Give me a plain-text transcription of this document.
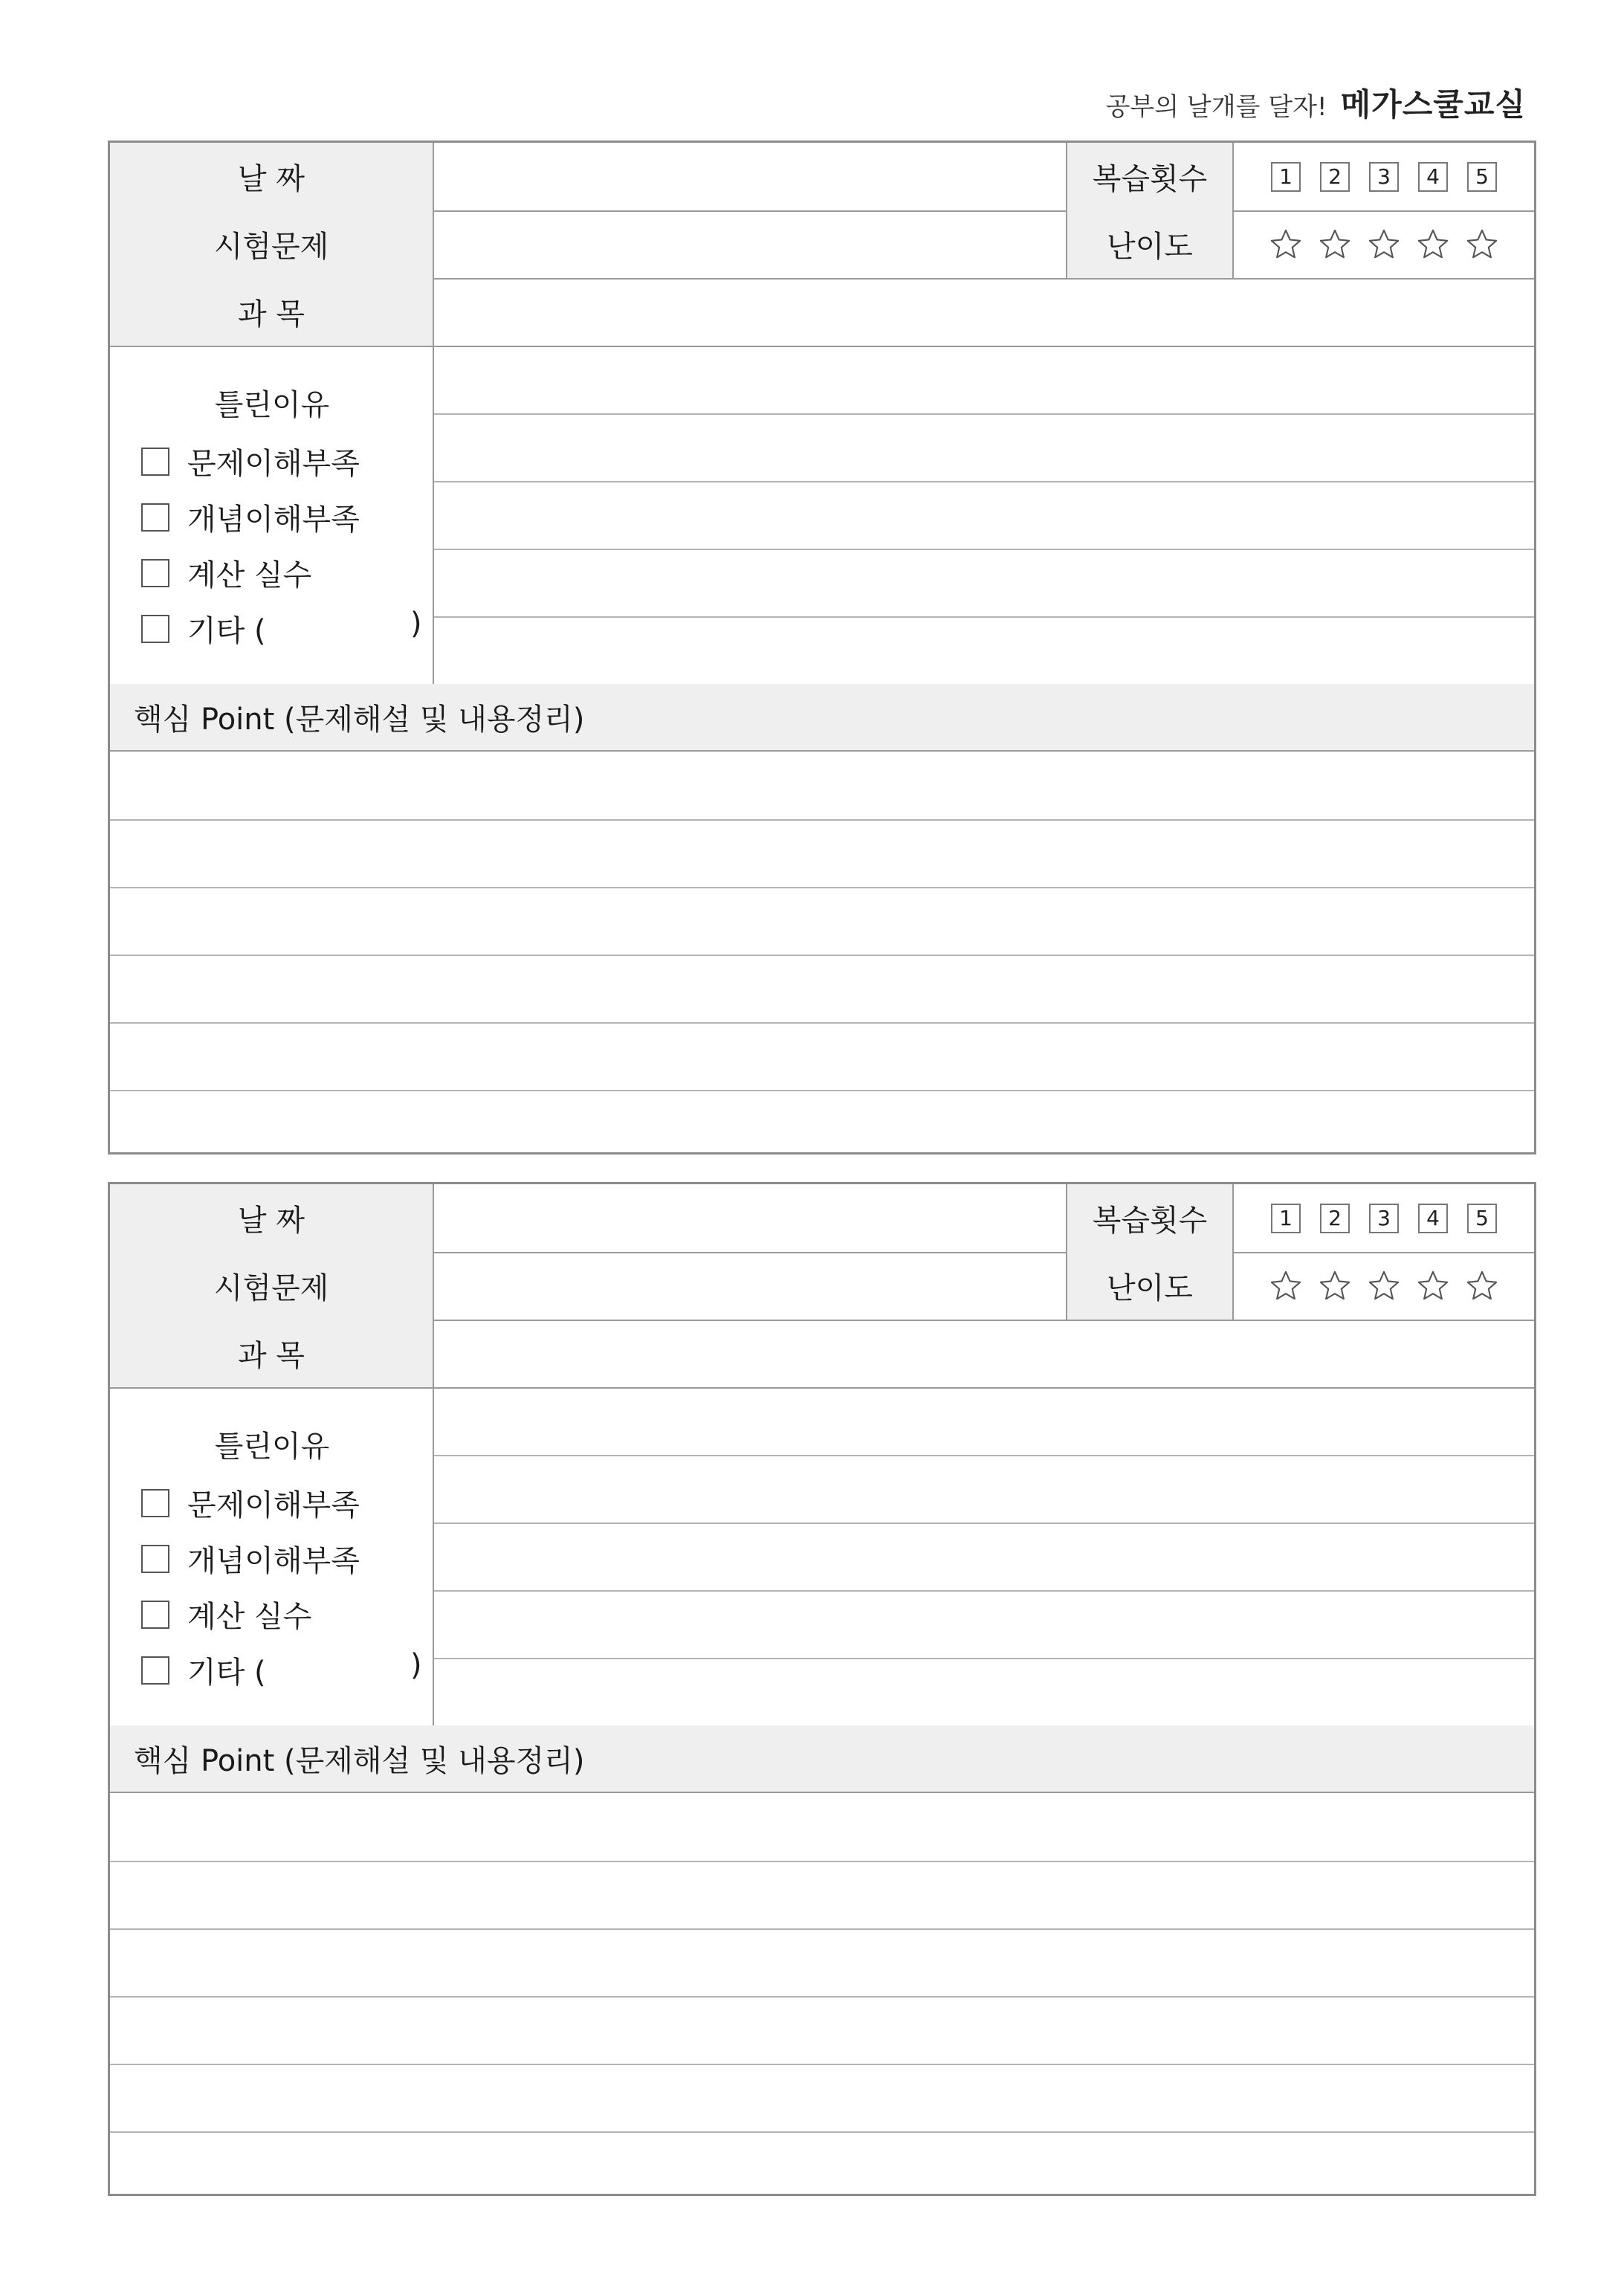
공부의 날개를 달자! 메가스쿨교실
날 짜	복습횟수	1	2	3	4	5
시험문제	난이도
과 목
틀린이유
문제이해부족
개념이해부족
계산 실수
기타 (	)
핵심 Point (문제해설 및 내용정리)
날 짜	복습횟수	1	2	3	4	5
시험문제	난이도
과 목
틀린이유
문제이해부족
개념이해부족
계산 실수
기타 (	)
핵심 Point (문제해설 및 내용정리)
